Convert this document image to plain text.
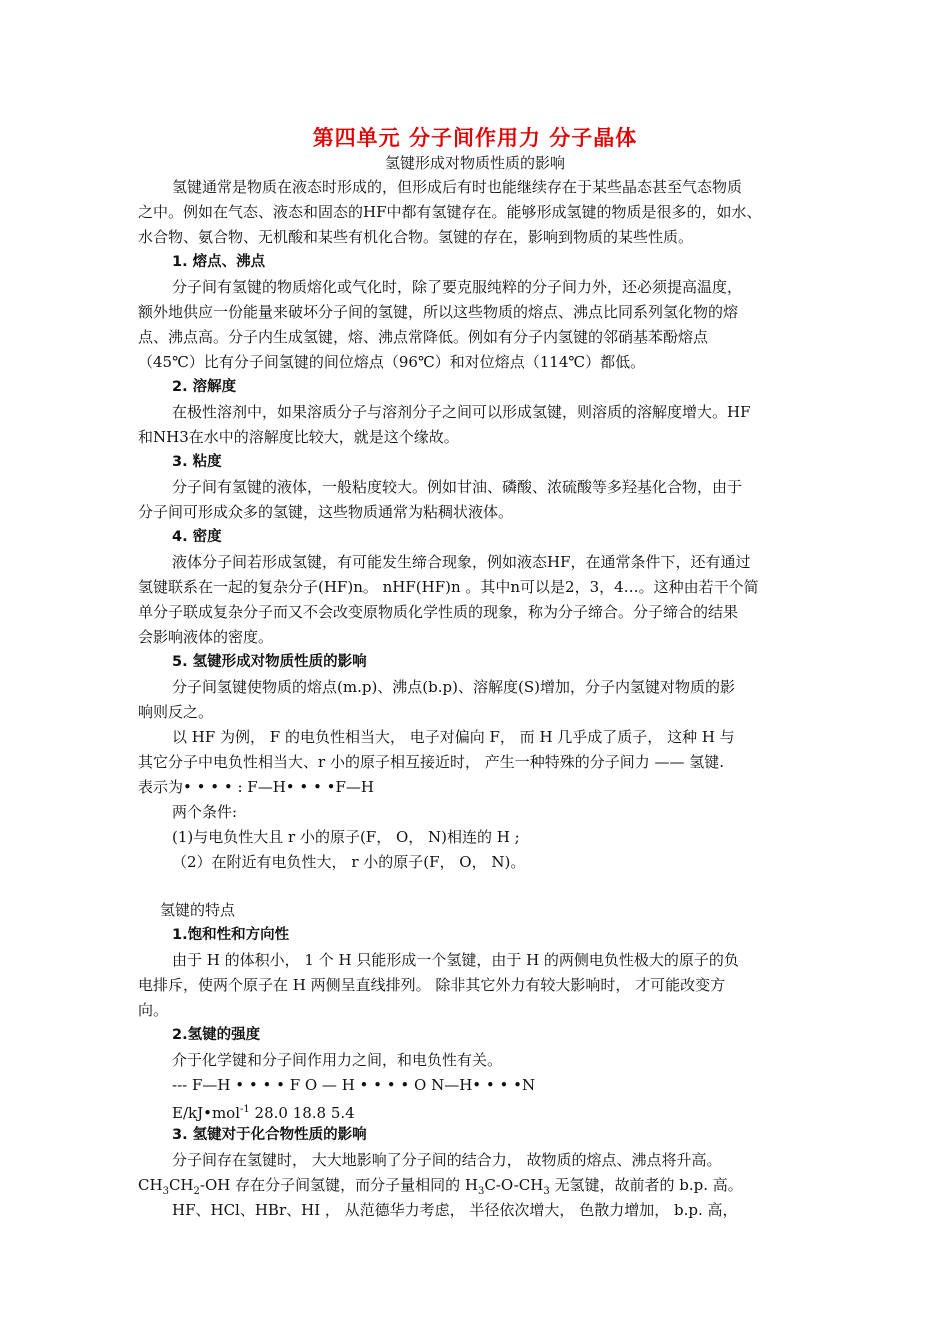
第四单元 分子间作用力 分子晶体
氢键形成对物质性质的影响
氢键通常是物质在液态时形成的，但形成后有时也能继续存在于某些晶态甚至气态物质
之中。例如在气态、液态和固态的HF中都有氢键存在。能够形成氢键的物质是很多的，如水、
水合物、氨合物、无机酸和某些有机化合物。氢键的存在，影响到物质的某些性质。
1. 熔点、沸点
分子间有氢键的物质熔化或气化时，除了要克服纯粹的分子间力外，还必须提高温度，
额外地供应一份能量来破坏分子间的氢键，所以这些物质的熔点、沸点比同系列氢化物的熔
点、沸点高。分子内生成氢键，熔、沸点常降低。例如有分子内氢键的邻硝基苯酚熔点
（45℃）比有分子间氢键的间位熔点（96℃）和对位熔点（114℃）都低。
2. 溶解度
在极性溶剂中，如果溶质分子与溶剂分子之间可以形成氢键，则溶质的溶解度增大。HF
和NH3在水中的溶解度比较大，就是这个缘故。
3. 粘度
分子间有氢键的液体，一般粘度较大。例如甘油、磷酸、浓硫酸等多羟基化合物，由于
分子间可形成众多的氢键，这些物质通常为粘稠状液体。
4. 密度
液体分子间若形成氢键，有可能发生缔合现象，例如液态HF，在通常条件下，还有通过
氢键联系在一起的复杂分子(HF)n。 nHF(HF)n 。其中n可以是2，3，4…。这种由若干个简
单分子联成复杂分子而又不会改变原物质化学性质的现象，称为分子缔合。分子缔合的结果
会影响液体的密度。
5. 氢键形成对物质性质的影响
分子间氢键使物质的熔点(m.p)、沸点(b.p)、溶解度(S)增加，分子内氢键对物质的影
响则反之。
以 HF 为例， F 的电负性相当大， 电子对偏向 F， 而 H 几乎成了质子， 这种 H 与
其它分子中电负性相当大、r 小的原子相互接近时， 产生一种特殊的分子间力 —— 氢键.
表示为• • • • : F—H• • • •F—H
两个条件:
(1)与电负性大且 r 小的原子(F， O， N)相连的 H ;
（2）在附近有电负性大， r 小的原子(F， O， N)。
氢键的特点
1.饱和性和方向性
由于 H 的体积小， 1 个 H 只能形成一个氢键，由于 H 的两侧电负性极大的原子的负
电排斥，使两个原子在 H 两侧呈直线排列。 除非其它外力有较大影响时， 才可能改变方
向。
2.氢键的强度
介于化学键和分子间作用力之间，和电负性有关。
--- F—H • • • • F O — H • • • • O N—H• • • •N
E/kJ•mol$^{-1}$ 28.0 18.8 5.4
3. 氢键对于化合物性质的影响
分子间存在氢键时， 大大地影响了分子间的结合力， 故物质的熔点、沸点将升高。
$CH_3CH_2-OH$ 存在分子间氢键，而分子量相同的 $H_3C-O-CH_3$ 无氢键，故前者的 b.p. 高。
HF、HCl、HBr、HI ， 从范德华力考虑， 半径依次增大， 色散力增加， b.p. 高，
